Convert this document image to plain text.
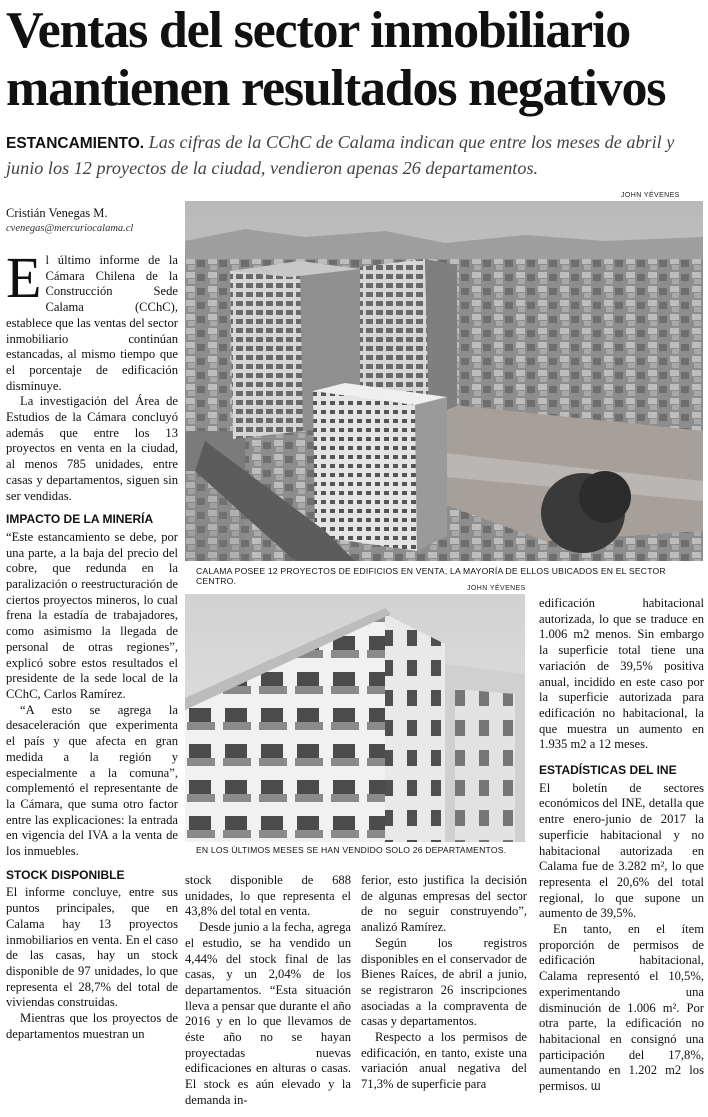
Ventas del sector inmobiliario
mantienen resultados negativos

ESTANCAMIENTO. Las cifras de la CChC de Calama indican que entre los meses de abril y junio los 12 proyectos de la ciudad, vendieron apenas 26 departamentos.

Cristián Venegas M.
cvenegas@mercuriocalama.cl
JOHN YÉVENES
CALAMA POSEE 12 PROYECTOS DE EDIFICIOS EN VENTA, LA MAYORÍA DE ELLOS UBICADOS EN EL SECTOR CENTRO.
JOHN YÉVENES
EN LOS ÚLTIMOS MESES SE HAN VENDIDO SOLO 26 DEPARTAMENTOS.

El último informe de la Cámara Chilena de la Construcción Sede Calama (CChC), establece que las ventas del sector inmobiliario continúan estancadas, al mismo tiempo que el porcentaje de edificación disminuye.

La investigación del Área de Estudios de la Cámara concluyó además que entre los 13 proyectos en venta en la ciudad, al menos 785 unidades, entre casas y departamentos, siguen sin ser vendidas.

IMPACTO DE LA MINERÍA

“Este estancamiento se debe, por una parte, a la baja del precio del cobre, que redunda en la paralización o reestructuración de ciertos proyectos mineros, lo cual frena la estadía de trabajadores, como asimismo la llegada de personal de otras regiones”, explicó sobre estos resultados el presidente de la sede local de la CChC, Carlos Ramírez.

“A esto se agrega la desaceleración que experimenta el país y que afecta en gran medida a la región y especialmente a la comuna”, complementó el representante de la Cámara, que suma otro factor entre las explicaciones: la entrada en vigencia del IVA a la venta de los inmuebles.

STOCK DISPONIBLE

El informe concluye, entre sus puntos principales, que en Calama hay 13 proyectos inmobiliarios en venta. En el caso de las casas, hay un stock disponible de 97 unidades, lo que representa el 28,7% del total de viviendas construidas.

Mientras que los proyectos de departamentos muestran un

stock disponible de 688 unidades, lo que representa el 43,8% del total en venta.

Desde junio a la fecha, agrega el estudio, se ha vendido un 4,44% del stock final de las casas, y un 2,04% de los departamentos. “Esta situación lleva a pensar que durante el año 2016 y en lo que llevamos de éste año no se hayan proyectadas nuevas edificaciones en alturas o casas. El stock es aún elevado y la demanda in-

ferior, esto justifica la decisión de algunas empresas del sector de no seguir construyendo”, analizó Ramírez.

Según los registros disponibles en el conservador de Bienes Raíces, de abril a junio, se registraron 26 inscripciones asociadas a la compraventa de casas y departamentos.

Respecto a los permisos de edificación, en tanto, existe una variación anual negativa del 71,3% de superficie para

edificación habitacional autorizada, lo que se traduce en 1.006 m2 menos. Sin embargo la superficie total tiene una variación de 39,5% positiva anual, incidido en este caso por la superficie autorizada para edificación no habitacional, la que muestra un aumento en 1.935 m2 a 12 meses.

ESTADÍSTICAS DEL INE

El boletín de sectores económicos del INE, detalla que entre enero-junio de 2017 la superficie habitacional y no habitacional autorizada en Calama fue de 3.282 m², lo que representa el 20,6% del total regional, lo que supone un aumento de 39,5%.

En tanto, en el ítem proporción de permisos de edificación habitacional, Calama representó el 10,5%, experimentando una disminución de 1.006 m². Por otra parte, la edificación no habitacional en consignó una participación del 17,8%, aumentando en 1.202 m2 los permisos. Ɯ
